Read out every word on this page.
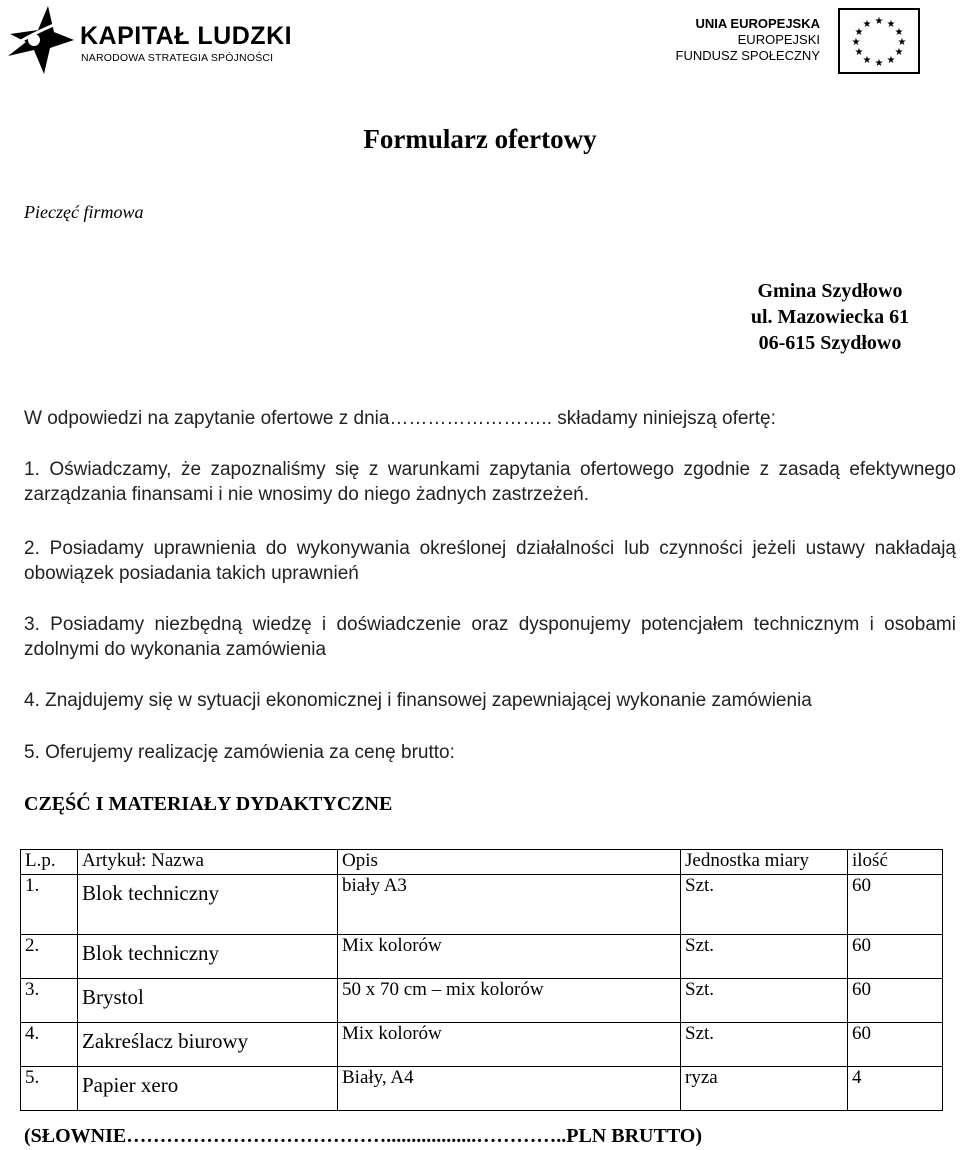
KAPITAŁ LUDZKI
NARODOWA STRATEGIA SPÓJNOŚCI
UNIA EUROPEJSKA
EUROPEJSKI
FUNDUSZ SPOŁECZNY
★ ★
★
★
★
★
★
★
★
★
★
★
Formularz ofertowy
Pieczęć firmowa
Gmina Szydłowo
ul. Mazowiecka 61
06-615 Szydłowo
W odpowiedzi na zapytanie ofertowe z dnia…………………….. składamy niniejszą ofertę:
1. Oświadczamy, że zapoznaliśmy się z warunkami zapytania ofertowego zgodnie z zasadą efektywnego zarządzania finansami i nie wnosimy do niego żadnych zastrzeżeń.
2. Posiadamy uprawnienia do wykonywania określonej działalności lub czynności jeżeli ustawy nakładają obowiązek posiadania takich uprawnień
3. Posiadamy niezbędną wiedzę i doświadczenie oraz dysponujemy potencjałem technicznym i osobami zdolnymi do wykonania zamówienia
4. Znajdujemy się w sytuacji ekonomicznej i finansowej zapewniającej wykonanie zamówienia
5. Oferujemy realizację zamówienia za cenę brutto:
CZĘŚĆ I MATERIAŁY DYDAKTYCZNE
L.p.	Artykuł: Nazwa	Opis	Jednostka miary	ilość
1.	Blok techniczny	biały A3	Szt.	60
2.	Blok techniczny	Mix kolorów	Szt.	60
3.	Brystol	50 x 70 cm – mix kolorów	Szt.	60
4.	Zakreślacz biurowy	Mix kolorów	Szt.	60
5.	Papier xero	Biały, A4	ryza	4
(SŁOWNIE…………………………………..................…………..PLN BRUTTO)
